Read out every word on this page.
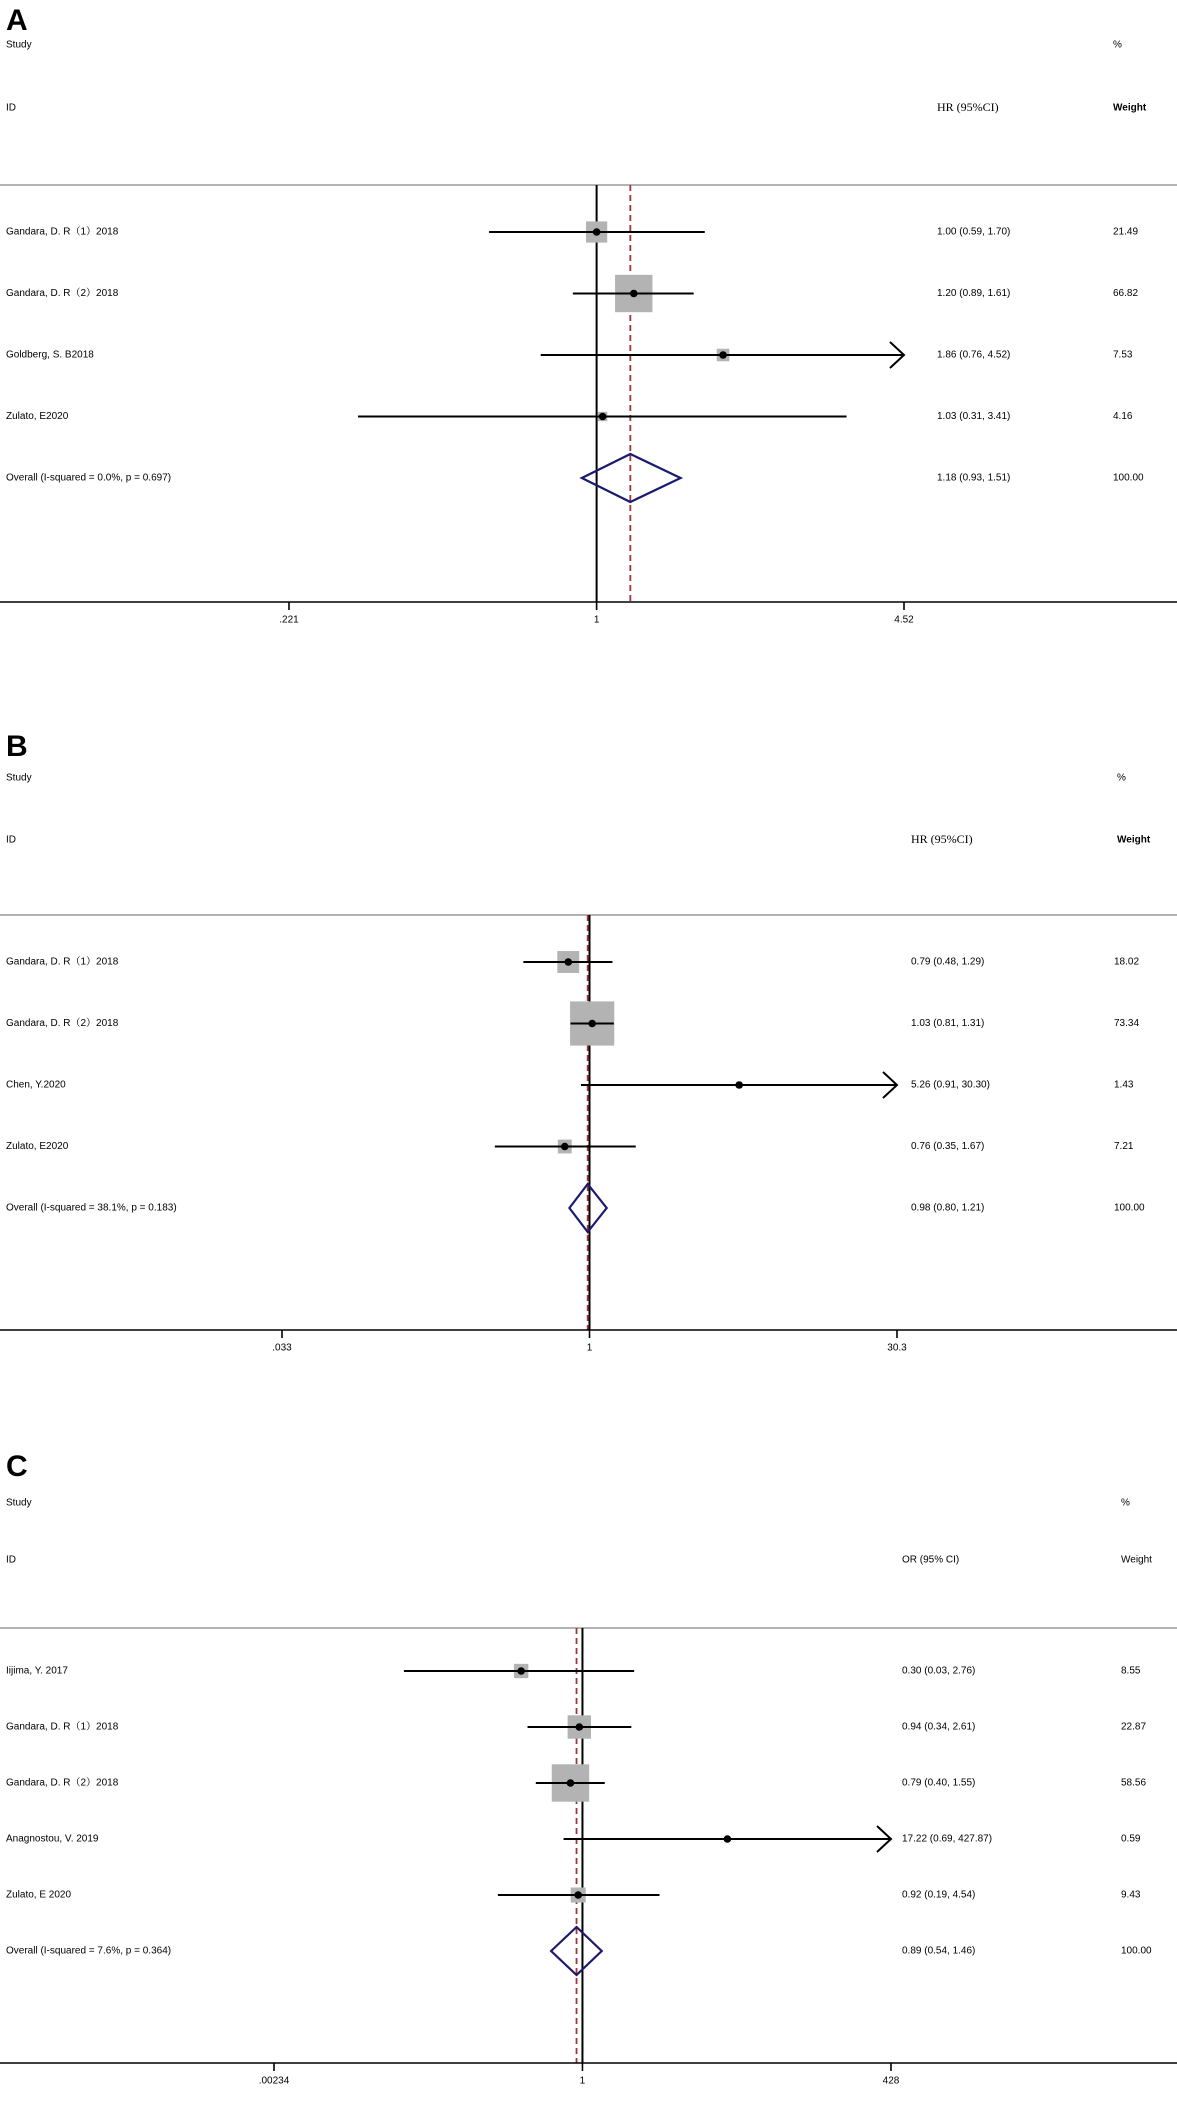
A
Study
ID
%
Weight
HR (95%CI)
Gandara, D. R（1）2018	1.00 (0.59, 1.70)	21.49
Gandara, D. R（2）2018	1.20 (0.89, 1.61)	66.82
Goldberg, S. B2018	1.86 (0.76, 4.52)	7.53
Zulato, E2020	1.03 (0.31, 3.41)	4.16
Overall (I-squared = 0.0%, p = 0.697)	1.18 (0.93, 1.51)	100.00
.221	1	4.52
B
Study
ID
%
Weight
HR (95%CI)
Gandara, D. R（1）2018	0.79 (0.48, 1.29)	18.02
Gandara, D. R（2）2018	1.03 (0.81, 1.31)	73.34
Chen, Y.2020	5.26 (0.91, 30.30)	1.43
Zulato, E2020	0.76 (0.35, 1.67)	7.21
Overall (I-squared = 38.1%, p = 0.183)	0.98 (0.80, 1.21)	100.00
.033	1	30.3
C
Study
ID
%
Weight
OR (95% CI)
Iijima, Y. 2017	0.30 (0.03, 2.76)	8.55
Gandara, D. R（1）2018	0.94 (0.34, 2.61)	22.87
Gandara, D. R（2）2018	0.79 (0.40, 1.55)	58.56
Anagnostou, V. 2019	17.22 (0.69, 427.87)	0.59
Zulato, E 2020	0.92 (0.19, 4.54)	9.43
Overall (I-squared = 7.6%, p = 0.364)	0.89 (0.54, 1.46)	100.00
.00234	1	428
